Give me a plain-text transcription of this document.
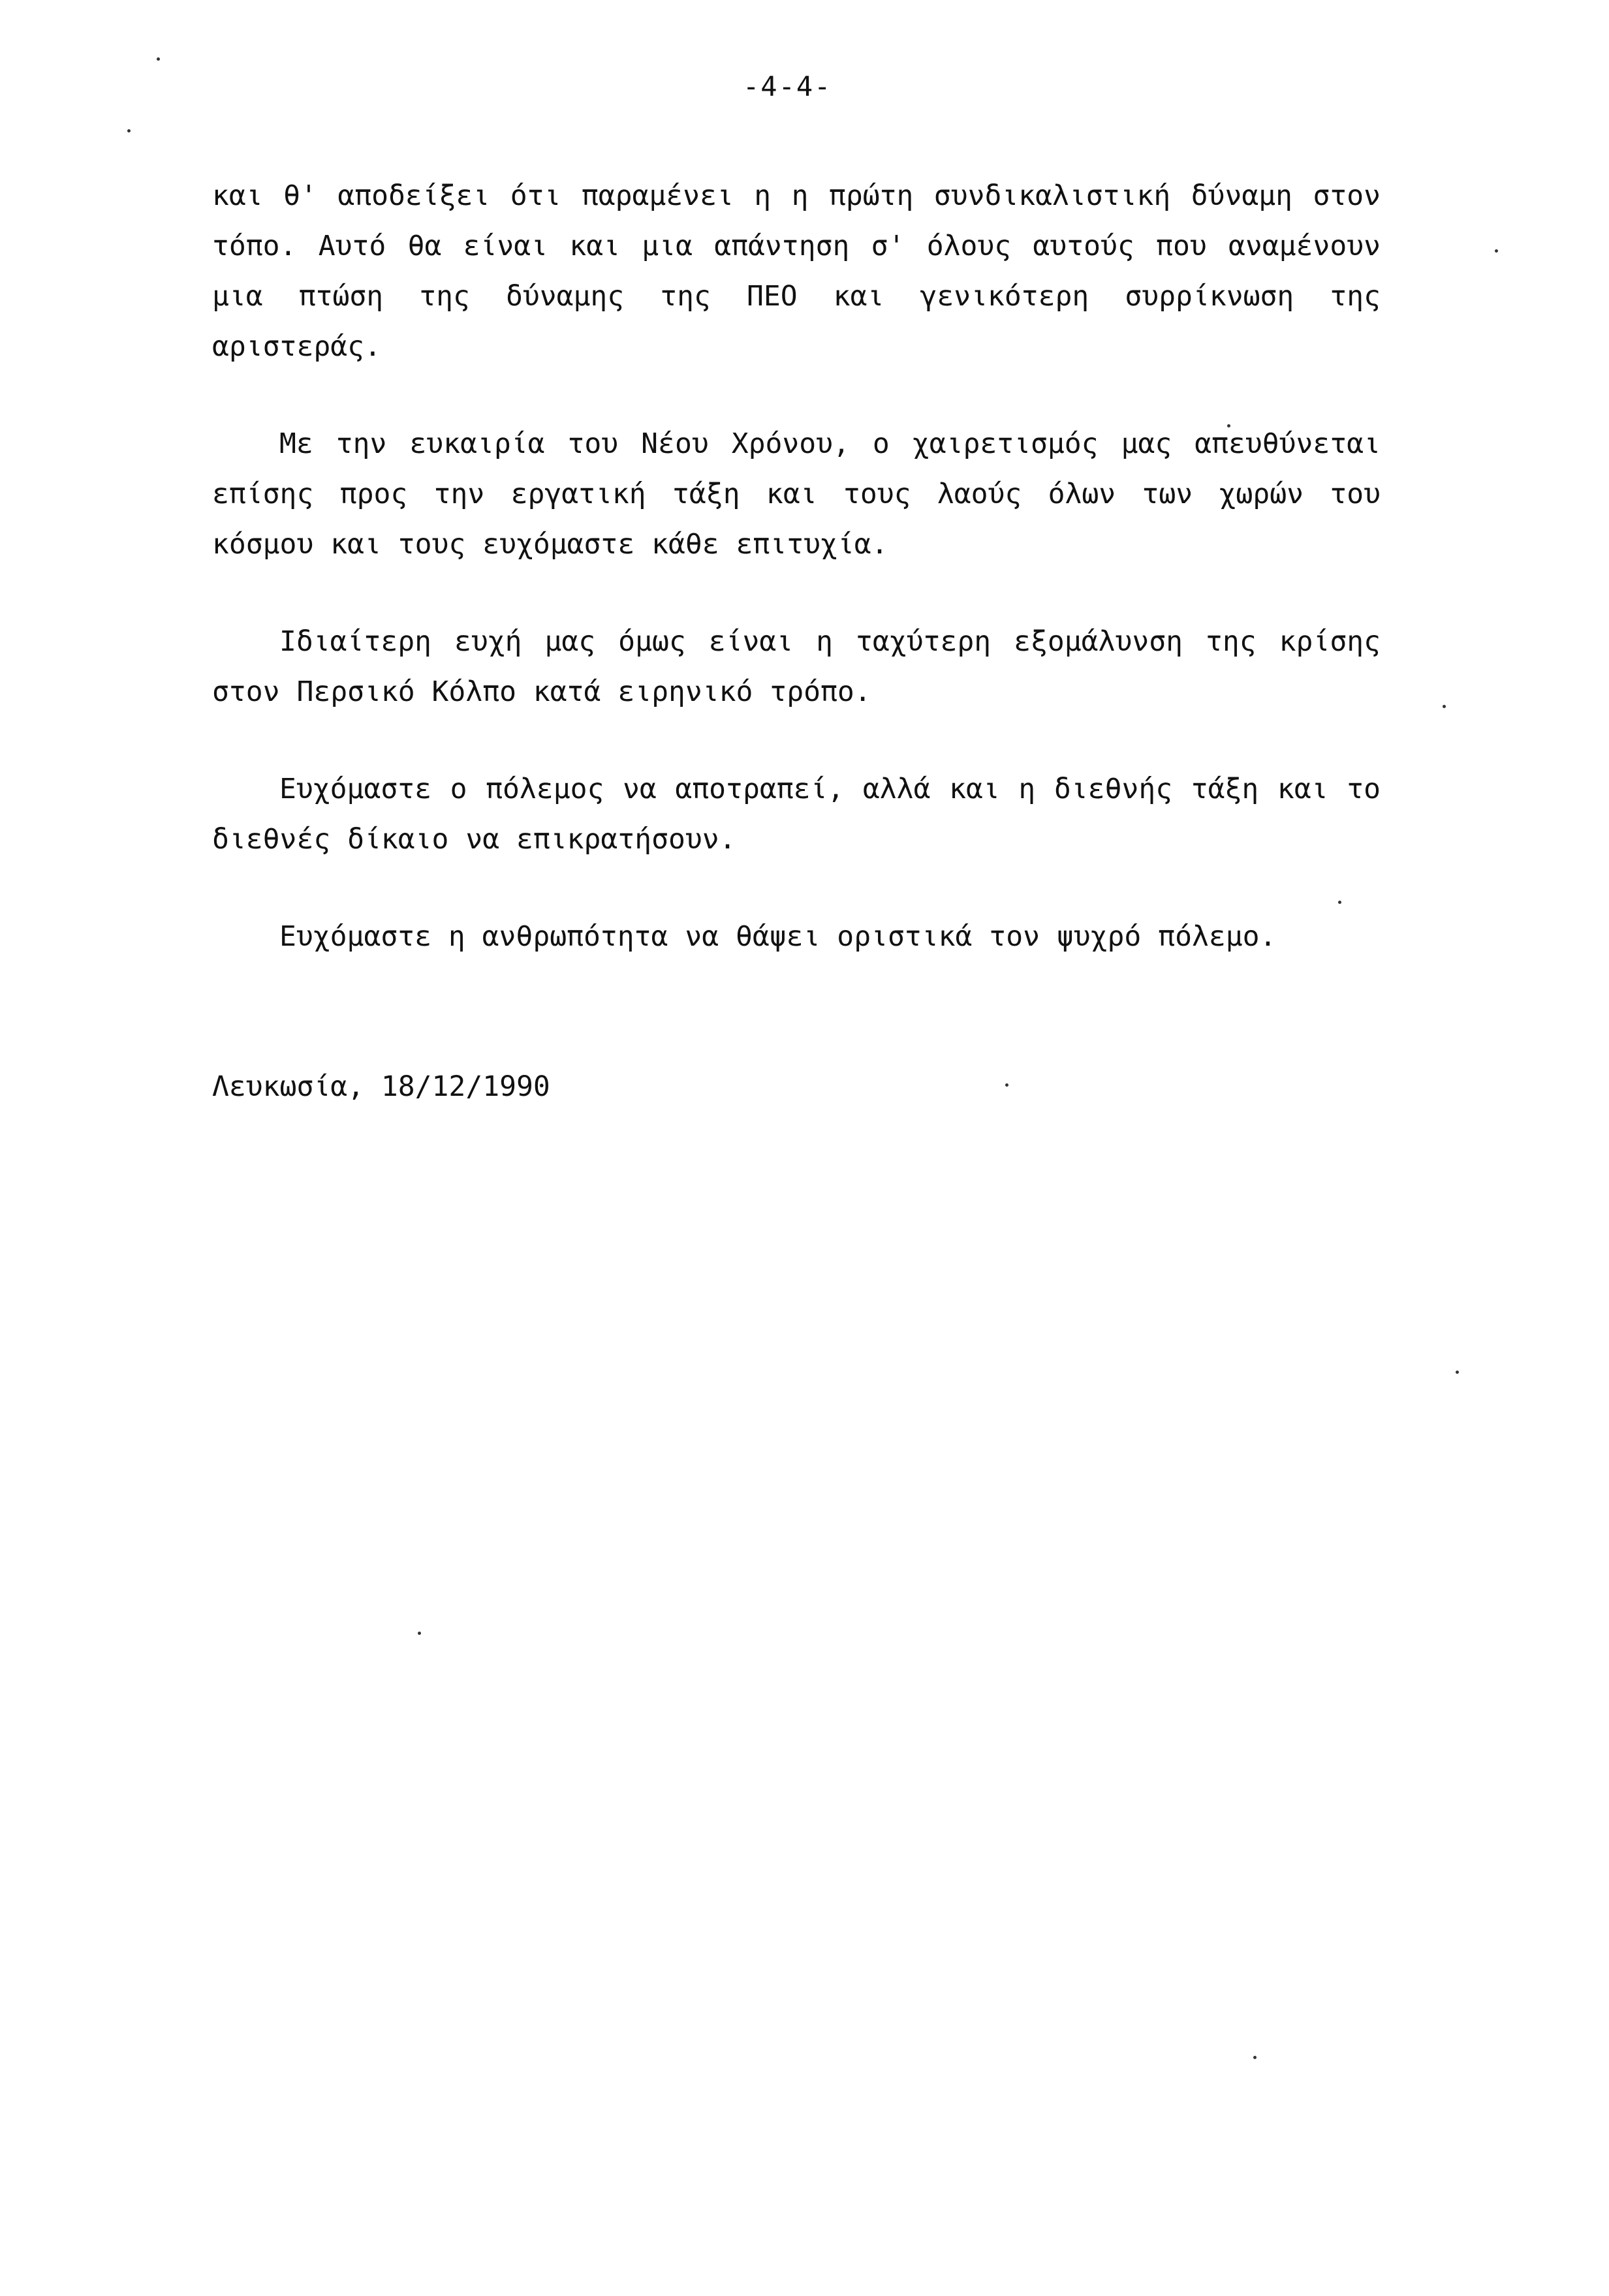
-4-4-

και θ' αποδείξει ότι παραμένει η η πρώτη συνδικαλιστική δύναμη στον τόπο. Αυτό θα είναι και μια απάντηση σ' όλους αυτούς που αναμένουν μια πτώση της δύναμης της ΠΕΟ και γενικότερη συρρίκνωση της αριστεράς.

Με την ευκαιρία του Νέου Χρόνου, ο χαιρετισμός μας απευθύνεται επίσης προς την εργατική τάξη και τους λαούς όλων των χωρών του κόσμου και τους ευχόμαστε κάθε επιτυχία.

Ιδιαίτερη ευχή μας όμως είναι η ταχύτερη εξομάλυνση της κρίσης στον Περσικό Κόλπο κατά ειρηνικό τρόπο.

Ευχόμαστε ο πόλεμος να αποτραπεί, αλλά και η διεθνής τάξη και το διεθνές δίκαιο να επικρατήσουν.

Ευχόμαστε η ανθρωπότητα να θάψει οριστικά τον ψυχρό πόλεμο.

Λευκωσία, 18/12/1990
